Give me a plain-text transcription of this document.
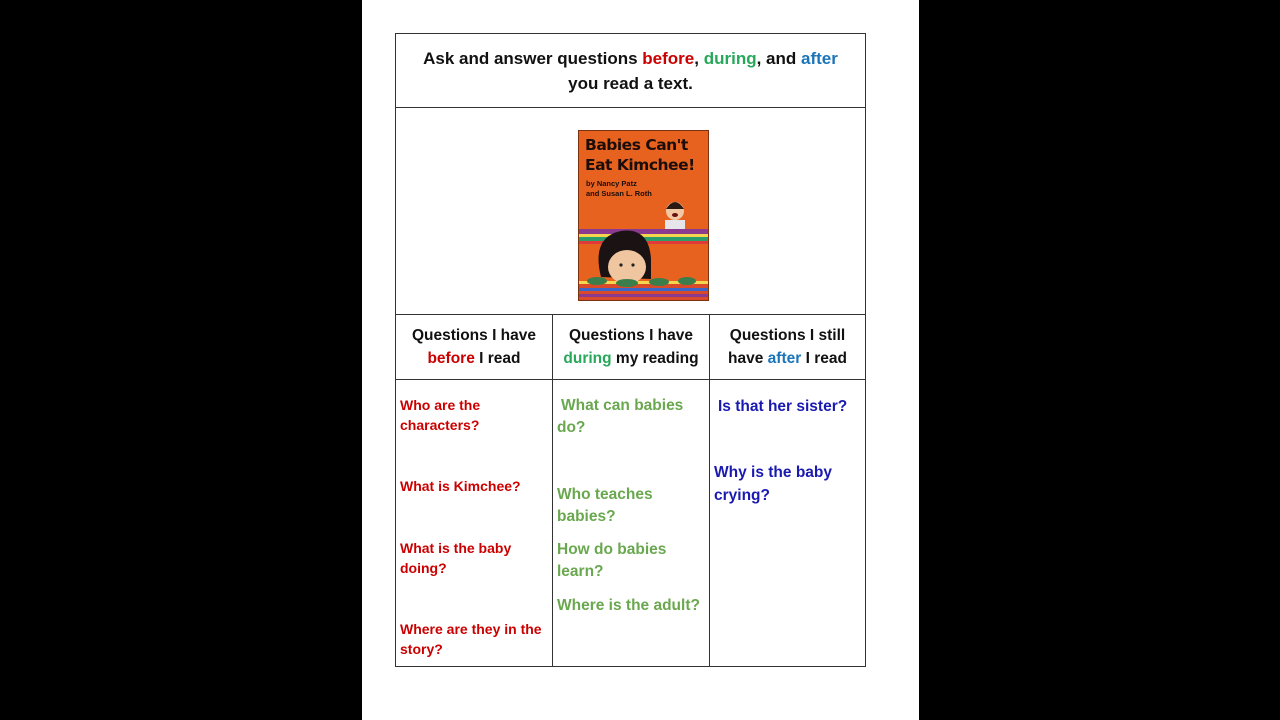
Ask and answer questions before, during, and after
you read a text.
Babies Can't
Eat Kimchee!
by Nancy Patz
and Susan L. Roth
Questions I have
before I read
Questions I have
during my reading
Questions I still
have after I read
Who are the characters?
What is Kimchee?
What is the baby doing?
Where are they in the story?
What can babies do?
Who teaches babies?
How do babies learn?
Where is the adult?
Is that her sister?
Why is the baby crying?
